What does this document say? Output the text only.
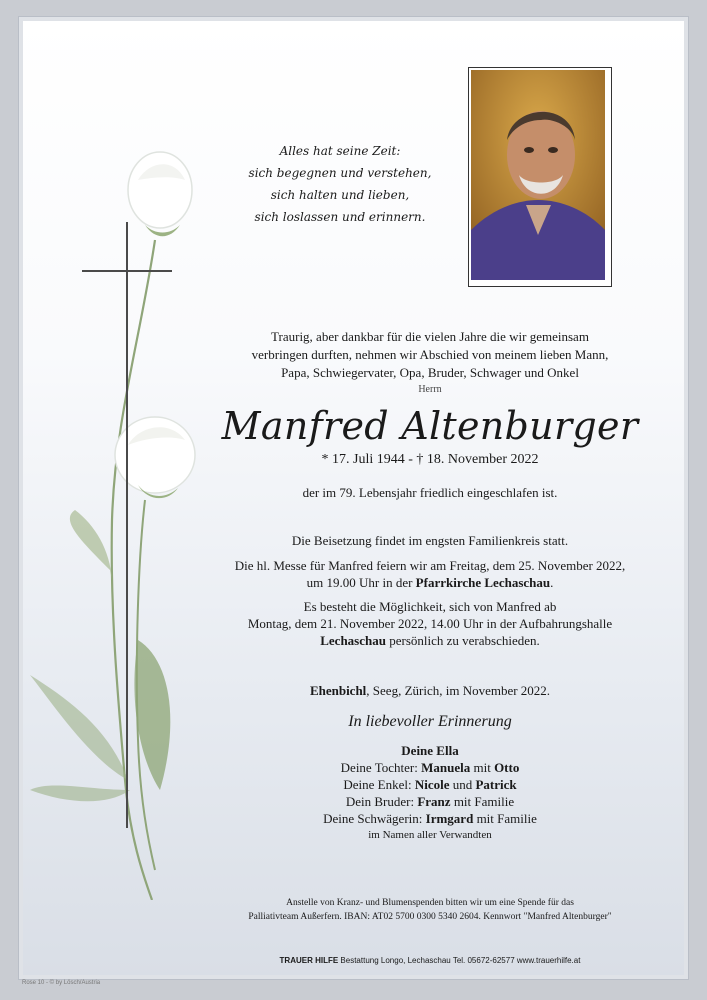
Alles hat seine Zeit:
sich begegnen und verstehen,
sich halten und lieben,
sich loslassen und erinnern.
Traurig, aber dankbar für die vielen Jahre die wir gemeinsam
verbringen durften, nehmen wir Abschied von meinem lieben Mann,
Papa, Schwiegervater, Opa, Bruder, Schwager und Onkel
Herrn
Manfred Altenburger
* 17. Juli 1944 - † 18. November 2022
der im 79. Lebensjahr friedlich eingeschlafen ist.
Die Beisetzung findet im engsten Familienkreis statt.
Die hl. Messe für Manfred feiern wir am Freitag, dem 25. November 2022,
um 19.00 Uhr in der Pfarrkirche Lechaschau.
Es besteht die Möglichkeit, sich von Manfred ab
Montag, dem 21. November 2022, 14.00 Uhr in der Aufbahrungshalle
Lechaschau persönlich zu verabschieden.
Ehenbichl, Seeg, Zürich, im November 2022.
In liebevoller Erinnerung
Deine Ella
Deine Tochter: Manuela mit Otto
Deine Enkel: Nicole und Patrick
Dein Bruder: Franz mit Familie
Deine Schwägerin: Irmgard mit Familie
im Namen aller Verwandten
Anstelle von Kranz- und Blumenspenden bitten wir um eine Spende für das
Palliativteam Außerfern. IBAN: AT02 5700 0300 5340 2604. Kennwort "Manfred Altenburger"
TRAUER HILFE Bestattung Longo, Lechaschau Tel. 05672-62577 www.trauerhilfe.at
Rose 10 - © by Lösch/Austria
